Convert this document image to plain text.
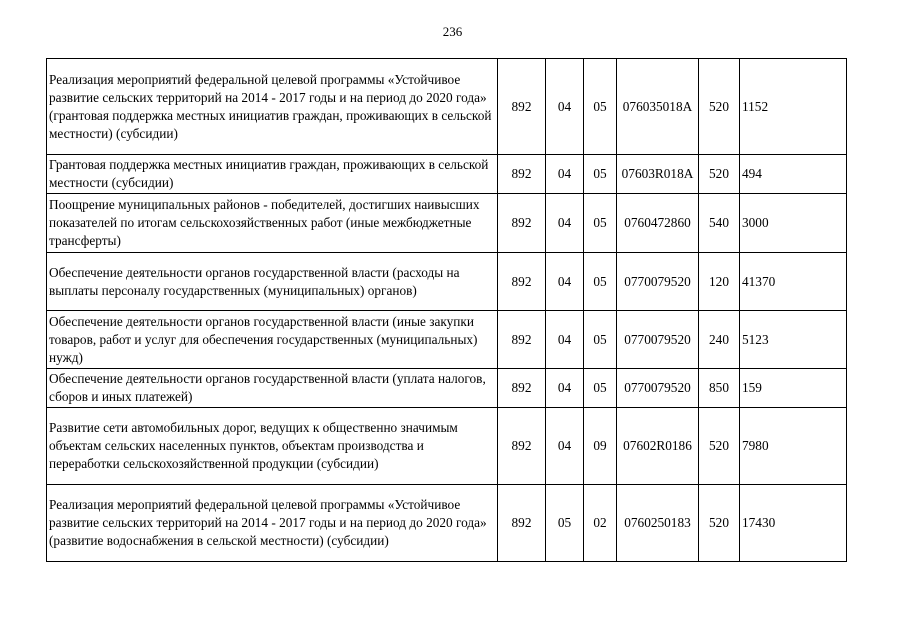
236
Реализация мероприятий федеральной целевой программы «Устойчивое развитие сельских территорий на 2014 - 2017 годы и на период до 2020 года» (грантовая поддержка местных инициатив граждан, проживающих в сельской местности) (субсидии)	892	04	05	076035018А	520	1152
Грантовая поддержка местных инициатив граждан, проживающих в сельской местности (субсидии)	892	04	05	07603R018А	520	494
Поощрение муниципальных районов - победителей, достигших наивысших показателей по итогам сельскохозяйственных работ (иные межбюджетные трансферты)	892	04	05	0760472860	540	3000
Обеспечение деятельности органов государственной власти (расходы на выплаты персоналу государственных (муниципальных) органов)	892	04	05	0770079520	120	41370
Обеспечение деятельности органов государственной власти (иные закупки товаров, работ и услуг для обеспечения государственных (муниципальных) нужд)	892	04	05	0770079520	240	5123
Обеспечение деятельности органов государственной власти (уплата налогов, сборов и иных платежей)	892	04	05	0770079520	850	159
Развитие сети автомобильных дорог, ведущих к общественно значимым объектам сельских населенных пунктов, объектам производства и переработки сельскохозяйственной продукции (субсидии)	892	04	09	07602R0186	520	7980
Реализация мероприятий федеральной целевой программы «Устойчивое развитие сельских территорий на 2014 - 2017 годы и на период до 2020 года» (развитие водоснабжения в сельской местности) (субсидии)	892	05	02	0760250183	520	17430
